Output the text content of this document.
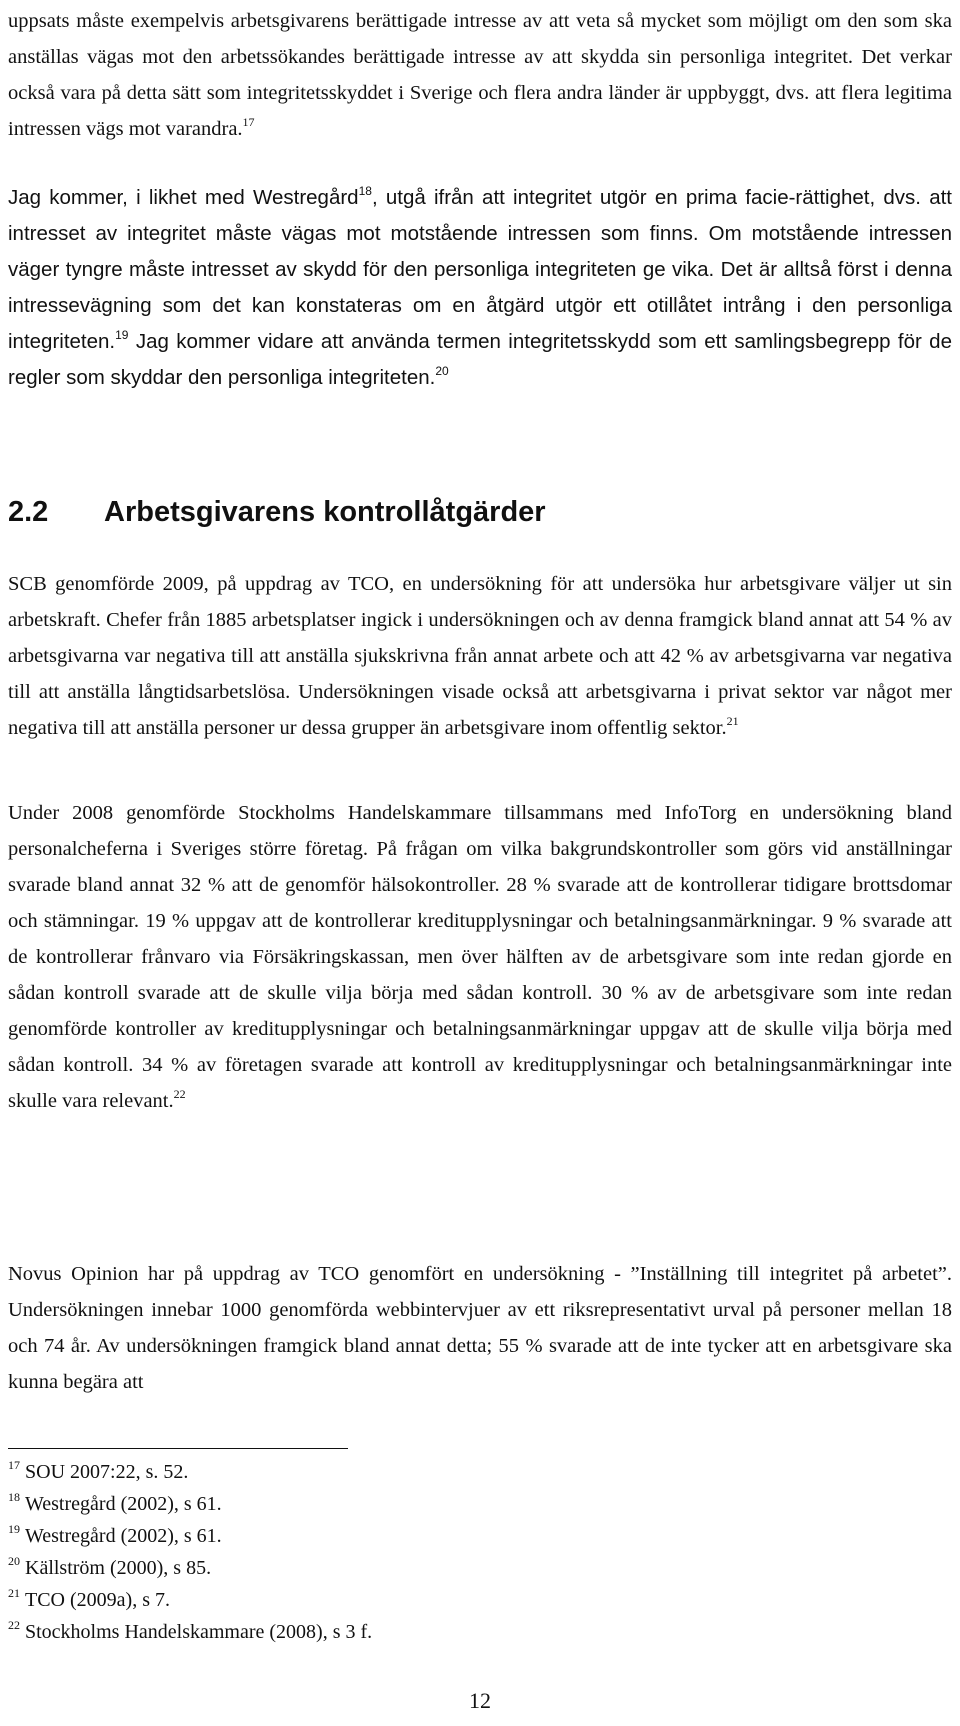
uppsats måste exempelvis arbetsgivarens berättigade intresse av att veta så mycket som möjligt om den som ska anställas vägas mot den arbetssökandes berättigade intresse av att skydda sin personliga integritet. Det verkar också vara på detta sätt som integritetsskyddet i Sverige och flera andra länder är uppbyggt, dvs. att flera legitima intressen vägs mot varandra.$^{17}$

Jag kommer, i likhet med Westregård$^{18}$, utgå ifrån att integritet utgör en prima facie-rättighet, dvs. att intresset av integritet måste vägas mot motstående intressen som finns. Om motstående intressen väger tyngre måste intresset av skydd för den personliga integriteten ge vika. Det är alltså först i denna intressevägning som det kan konstateras om en åtgärd utgör ett otillåtet intrång i den personliga integriteten.$^{19}$ Jag kommer vidare att använda termen integritetsskydd som ett samlingsbegrepp för de regler som skyddar den personliga integriteten.$^{20}$

2.2 Arbetsgivarens kontrollåtgärder

SCB genomförde 2009, på uppdrag av TCO, en undersökning för att undersöka hur arbetsgivare väljer ut sin arbetskraft. Chefer från 1885 arbetsplatser ingick i undersökningen och av denna framgick bland annat att 54 % av arbetsgivarna var negativa till att anställa sjukskrivna från annat arbete och att 42 % av arbetsgivarna var negativa till att anställa långtidsarbetslösa. Undersökningen visade också att arbetsgivarna i privat sektor var något mer negativa till att anställa personer ur dessa grupper än arbetsgivare inom offentlig sektor.$^{21}$

Under 2008 genomförde Stockholms Handelskammare tillsammans med InfoTorg en undersökning bland personalcheferna i Sveriges större företag. På frågan om vilka bakgrundskontroller som görs vid anställningar svarade bland annat 32 % att de genomför hälsokontroller. 28 % svarade att de kontrollerar tidigare brottsdomar och stämningar. 19 % uppgav att de kontrollerar kreditupplysningar och betalningsanmärkningar. 9 % svarade att de kontrollerar frånvaro via Försäkringskassan, men över hälften av de arbetsgivare som inte redan gjorde en sådan kontroll svarade att de skulle vilja börja med sådan kontroll. 30 % av de arbetsgivare som inte redan genomförde kontroller av kreditupplysningar och betalningsanmärkningar uppgav att de skulle vilja börja med sådan kontroll. 34 % av företagen svarade att kontroll av kreditupplysningar och betalningsanmärkningar inte skulle vara relevant.$^{22}$

Novus Opinion har på uppdrag av TCO genomfört en undersökning - ”Inställning till integritet på arbetet”. Undersökningen innebar 1000 genomförda webbintervjuer av ett riksrepresentativt urval på personer mellan 18 och 74 år. Av undersökningen framgick bland annat detta; 55 % svarade att de inte tycker att en arbetsgivare ska kunna begära att

$^{17}$ SOU 2007:22, s. 52.
$^{18}$ Westregård (2002), s 61.
$^{19}$ Westregård (2002), s 61.
$^{20}$ Källström (2000), s 85.
$^{21}$ TCO (2009a), s 7.
$^{22}$ Stockholms Handelskammare (2008), s 3 f.
12
